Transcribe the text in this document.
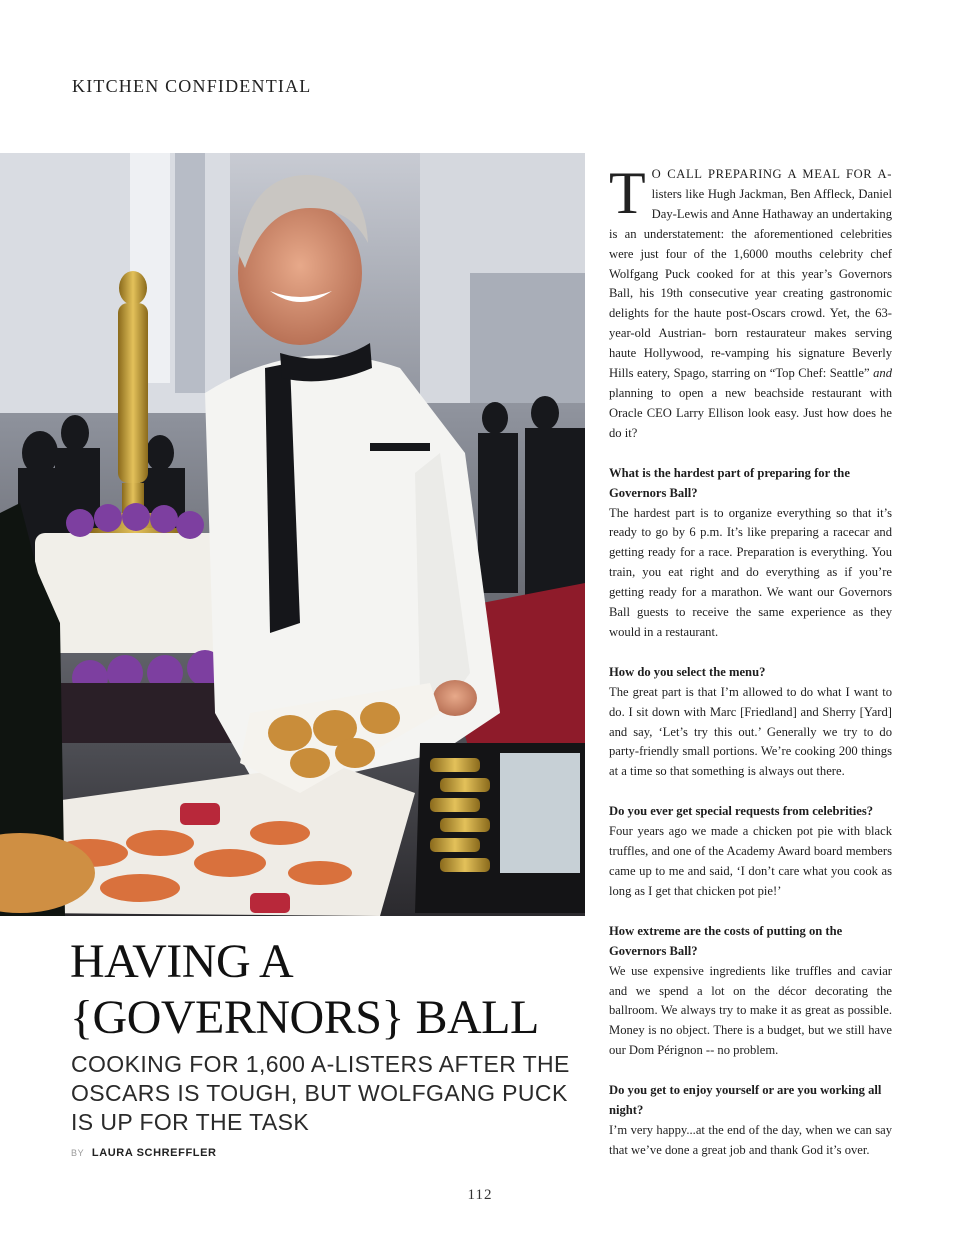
KITCHEN CONFIDENTIAL
HAVING A
{GOVERNORS} BALL
COOKING FOR 1,600 A-LISTERS AFTER THE OSCARS IS TOUGH, BUT WOLFGANG PUCK IS UP FOR THE TASK
BY LAURA SCHREFFLER

T O CALL PREPARING A MEAL FOR A- listers like Hugh Jackman, Ben Affleck, Daniel Day-Lewis and Anne Hathaway an undertaking is an understatement: the aforementioned celebrities were just four of the 1,6000 mouths celebrity chef Wolfgang Puck cooked for at this year’s Governors Ball, his 19th consecutive year creating gastronomic delights for the haute post-Oscars crowd. Yet, the 63-year-old Austrian- born restaurateur makes serving haute Hollywood, re-vamping his signature Beverly Hills eatery, Spago, starring on “Top Chef: Seattle” and planning to open a new beachside restaurant with Oracle CEO Larry Ellison look easy. Just how does he do it?

What is the hardest part of preparing for the Governors Ball?

The hardest part is to organize everything so that it’s ready to go by 6 p.m. It’s like preparing a racecar and getting ready for a race. Preparation is everything. You train, you eat right and do everything as if you’re getting ready for a marathon. We want our Governors Ball guests to receive the same experience as they would in a restaurant.

How do you select the menu?

The great part is that I’m allowed to do what I want to do. I sit down with Marc [Friedland] and Sherry [Yard] and say, ‘Let’s try this out.’ Generally we try to do party-friendly small portions. We’re cooking 200 things at a time so that something is always out there.

Do you ever get special requests from celebrities?

Four years ago we made a chicken pot pie with black truffles, and one of the Academy Award board members came up to me and said, ‘I don’t care what you cook as long as I get that chicken pot pie!’

How extreme are the costs of putting on the Governors Ball?

We use expensive ingredients like truffles and caviar and we spend a lot on the décor decorating the ballroom. We always try to make it as great as possible. Money is no object. There is a budget, but we still have our Dom Pérignon -- no problem.

Do you get to enjoy yourself or are you working all night?

I’m very happy...at the end of the day, when we can say that we’ve done a great job and thank God it’s over.

112
